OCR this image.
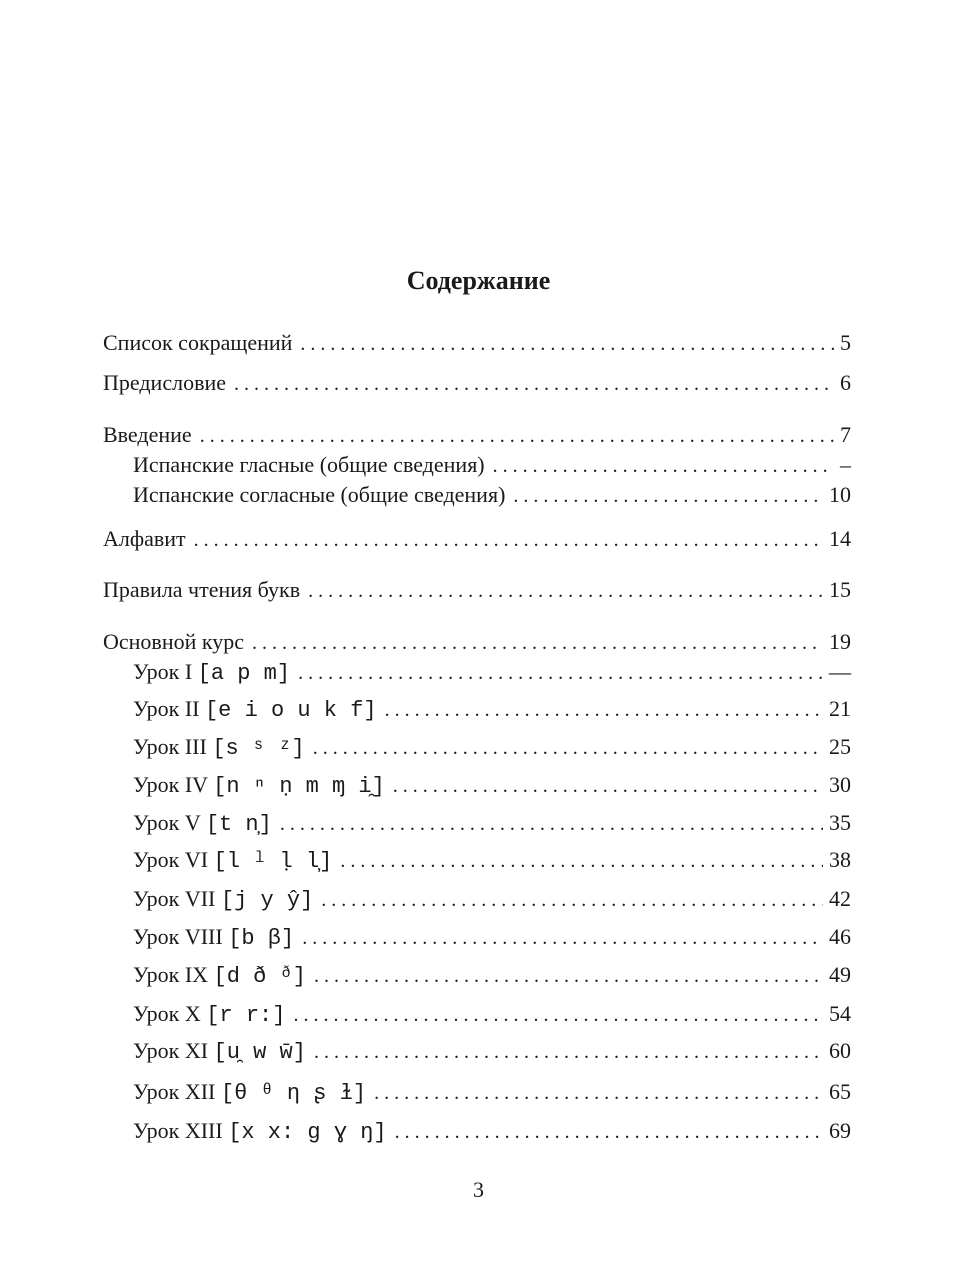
Содержание
Список сокращений . . .	5
Предисловие . . .	6
Введение . . .	7
Испанские гласные (общие сведения) . . .	–
Испанские согласные (общие сведения) . . .	10
Алфавит . . .	14
Правила чтения букв . . .	15
Основной курс . . .	19
Урок I [a p m] . . .	—
Урок II [e i o u k f] . . .	21
Урок III [s ˢ ᶻ] . . .	25
Урок IV [n ⁿ ṇ m ɱ i̯] . . .	30
Урок V [t n̦] . . .	35
Урок VI [l ˡ ḷ l̦] . . .	38
Урок VII [j y ŷ] . . .	42
Урок VIII [b β] . . .	46
Урок IX [d ð ᶞ] . . .	49
Урок X [r r:] . . .	54
Урок XI [u̯ w w̄] . . .	60
Урок XII [θ ᶿ ƞ ʂ ɫ] . . .	65
Урок XIII [x x: g ɣ ŋ] . . .	69
3
